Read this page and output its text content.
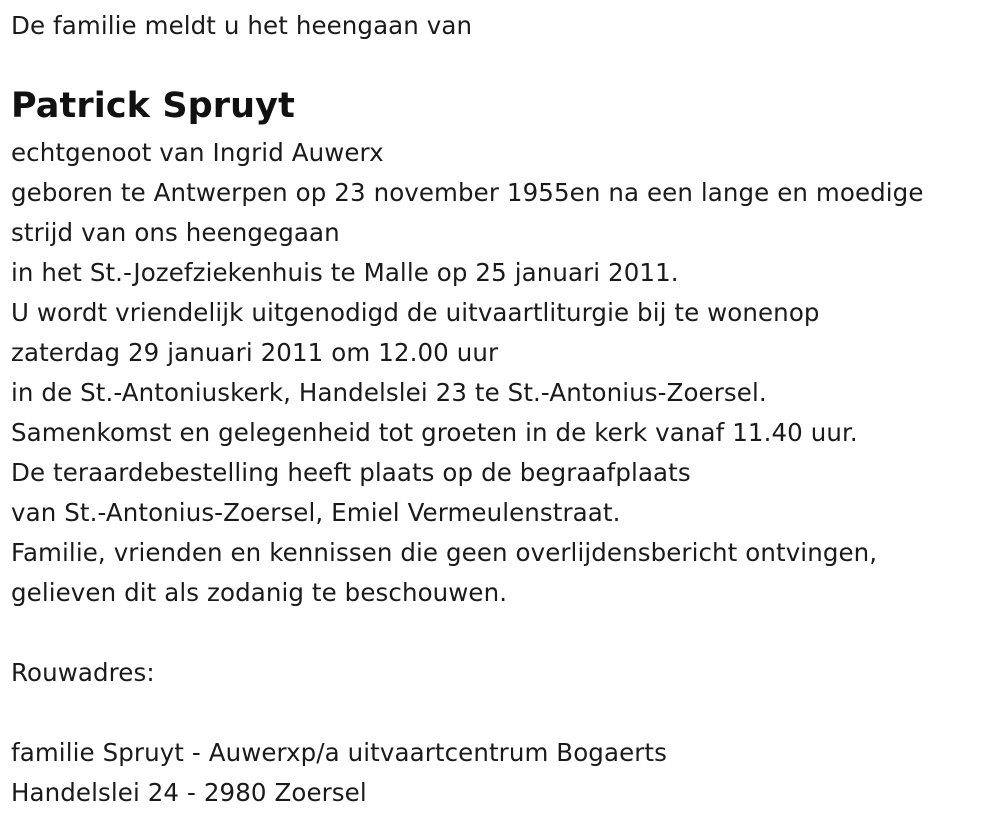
De familie meldt u het heengaan van
Patrick Spruyt
echtgenoot van Ingrid Auwerx
geboren te Antwerpen op 23 november 1955en na een lange en moedige
strijd van ons heengegaan
in het St.-Jozefziekenhuis te Malle op 25 januari 2011.
U wordt vriendelijk uitgenodigd de uitvaartliturgie bij te wonenop
zaterdag 29 januari 2011 om 12.00 uur
in de St.-Antoniuskerk, Handelslei 23 te St.-Antonius-Zoersel.
Samenkomst en gelegenheid tot groeten in de kerk vanaf 11.40 uur.
De teraardebestelling heeft plaats op de begraafplaats
van St.-Antonius-Zoersel, Emiel Vermeulenstraat.
Familie, vrienden en kennissen die geen overlijdensbericht ontvingen,
gelieven dit als zodanig te beschouwen.
Rouwadres:
familie Spruyt - Auwerxp/a uitvaartcentrum Bogaerts
Handelslei 24 - 2980 Zoersel
